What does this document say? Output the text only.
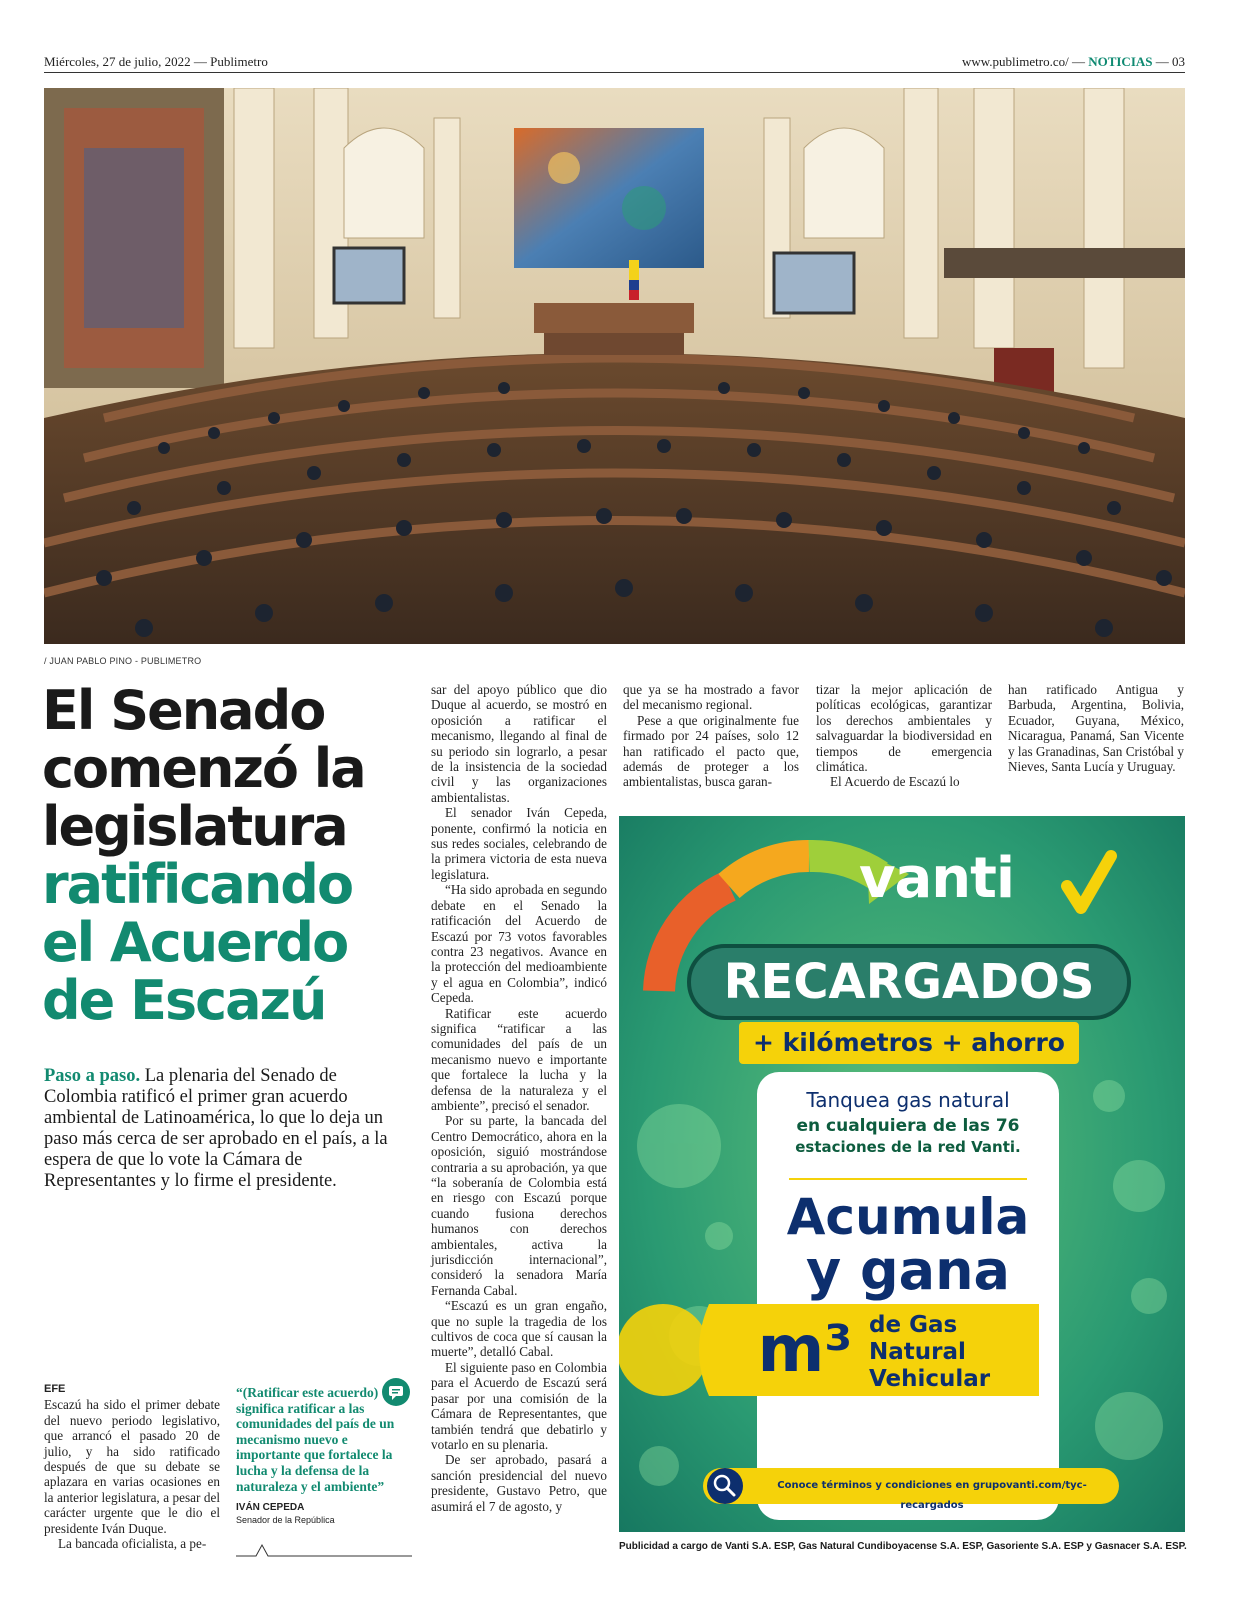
Miércoles, 27 de julio, 2022 — Publimetro	www.publimetro.co/ — NOTICIAS — 03
/ JUAN PABLO PINO - PUBLIMETRO
El Senado
comenzó la
legislatura
ratificando
el Acuerdo
de Escazú
Paso a paso. La plenaria del Senado de Colombia ratificó el primer gran acuerdo ambiental de Latinoamérica, lo que lo deja un paso más cerca de ser aprobado en el país, a la espera de que lo vote la Cámara de Representantes y lo firme el presidente.
EFE

Escazú ha sido el primer debate del nuevo periodo legislativo, que arrancó el pasado 20 de julio, y ha sido ratificado después de que su debate se aplazara en varias ocasiones en la anterior legislatura, a pesar del carácter urgente que le dio el presidente Iván Duque.

La bancada oficialista, a pe-

“(Ratificar este acuerdo) significa ratificar a las comunidades del país de un mecanismo nuevo e importante que fortalece la lucha y la defensa de la naturaleza y el ambiente”
IVÁN CEPEDA
Senador de la República

sar del apoyo público que dio Duque al acuerdo, se mostró en oposición a ratificar el mecanismo, llegando al final de su periodo sin lograrlo, a pesar de la insistencia de la sociedad civil y las organizaciones ambientalistas.

El senador Iván Cepeda, ponente, confirmó la noticia en sus redes sociales, celebrando de la primera victoria de esta nueva legislatura.

“Ha sido aprobada en segundo debate en el Senado la ratificación del Acuerdo de Escazú por 73 votos favorables contra 23 negativos. Avance en la protección del medioambiente y el agua en Colombia”, indicó Cepeda.

Ratificar este acuerdo significa “ratificar a las comunidades del país de un mecanismo nuevo e importante que fortalece la lucha y la defensa de la naturaleza y el ambiente”, precisó el senador.

Por su parte, la bancada del Centro Democrático, ahora en la oposición, siguió mostrándose contraria a su aprobación, ya que “la soberanía de Colombia está en riesgo con Escazú porque cuando fusiona derechos humanos con derechos ambientales, activa la jurisdicción internacional”, consideró la senadora María Fernanda Cabal.

“Escazú es un gran engaño, que no suple la tragedia de los cultivos de coca que sí causan la muerte”, detalló Cabal.

El siguiente paso en Colombia para el Acuerdo de Escazú será pasar por una comisión de la Cámara de Representantes, que también tendrá que debatirlo y votarlo en su plenaria.

De ser aprobado, pasará a sanción presidencial del nuevo presidente, Gustavo Petro, que asumirá el 7 de agosto, y

que ya se ha mostrado a favor del mecanismo regional.

Pese a que originalmente fue firmado por 24 países, solo 12 han ratificado el pacto que, además de proteger a los ambientalistas, busca garan-

tizar la mejor aplicación de políticas ecológicas, garantizar los derechos ambientales y salvaguardar la biodiversidad en tiempos de emergencia climática.

El Acuerdo de Escazú lo

han ratificado Antigua y Barbuda, Argentina, Bolivia, Ecuador, Guyana, México, Nicaragua, Panamá, San Vicente y las Granadinas, San Cristóbal y Nieves, Santa Lucía y Uruguay.

vanti
RECARGADOS
+ kilómetros + ahorro
Tanquea gas natural
en cualquiera de las 76
estaciones de la red Vanti.
Acumula
y gana
m³ de Gas
Natural
Vehicular
Conoce términos y condiciones en grupovanti.com/tyc-recargados
Publicidad a cargo de Vanti S.A. ESP, Gas Natural Cundiboyacense S.A. ESP, Gasoriente S.A. ESP y Gasnacer S.A. ESP.
